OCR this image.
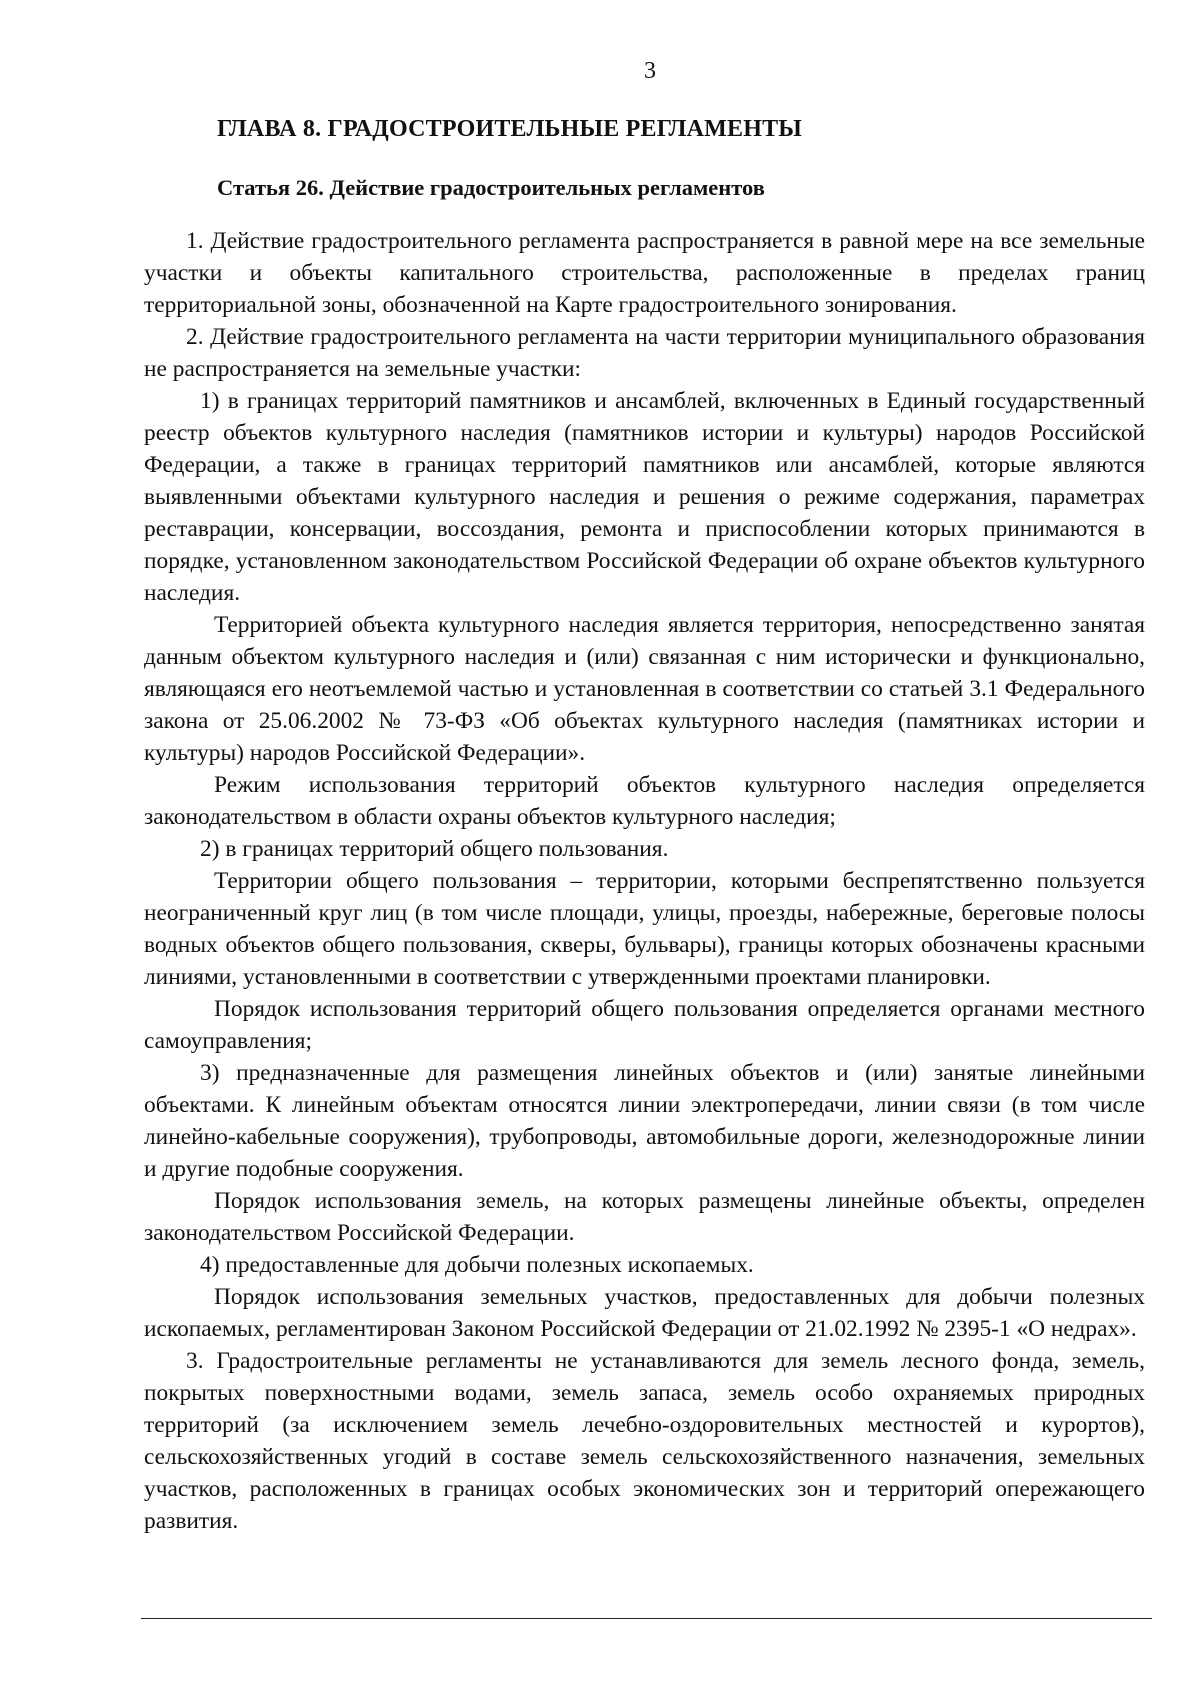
3
ГЛАВА 8. ГРАДОСТРОИТЕЛЬНЫЕ РЕГЛАМЕНТЫ
Статья 26. Действие градостроительных регламентов

1. Действие градостроительного регламента распространяется в равной мере на все земельные участки и объекты капитального строительства, расположенные в пределах границ территориальной зоны, обозначенной на Карте градостроительного зонирования.

2. Действие градостроительного регламента на части территории муниципального образования не распространяется на земельные участки:

1) в границах территорий памятников и ансамблей, включенных в Единый государственный реестр объектов культурного наследия (памятников истории и культуры) народов Российской Федерации, а также в границах территорий памятников или ансамблей, которые являются выявленными объектами культурного наследия и решения о режиме содержания, параметрах реставрации, консервации, воссоздания, ремонта и приспособлении которых принимаются в порядке, установленном законодательством Российской Федерации об охране объектов культурного наследия.

Территорией объекта культурного наследия является территория, непосредственно занятая данным объектом культурного наследия и (или) связанная с ним исторически и функционально, являющаяся его неотъемлемой частью и установленная в соответствии со статьей 3.1 Федерального закона от 25.06.2002 № 73-ФЗ «Об объектах культурного наследия (памятниках истории и культуры) народов Российской Федерации».

Режим использования территорий объектов культурного наследия определяется законодательством в области охраны объектов культурного наследия;

2) в границах территорий общего пользования.

Территории общего пользования – территории, которыми беспрепятственно пользуется неограниченный круг лиц (в том числе площади, улицы, проезды, набережные, береговые полосы водных объектов общего пользования, скверы, бульвары), границы которых обозначены красными линиями, установленными в соответствии с утвержденными проектами планировки.

Порядок использования территорий общего пользования определяется органами местного самоуправления;

3) предназначенные для размещения линейных объектов и (или) занятые линейными объектами. К линейным объектам относятся линии электропередачи, линии связи (в том числе линейно-кабельные сооружения), трубопроводы, автомобильные дороги, железнодорожные линии и другие подобные сооружения.

Порядок использования земель, на которых размещены линейные объекты, определен законодательством Российской Федерации.

4) предоставленные для добычи полезных ископаемых.

Порядок использования земельных участков, предоставленных для добычи полезных ископаемых, регламентирован Законом Российской Федерации от 21.02.1992 № 2395-1 «О недрах».

3. Градостроительные регламенты не устанавливаются для земель лесного фонда, земель, покрытых поверхностными водами, земель запаса, земель особо охраняемых природных территорий (за исключением земель лечебно-оздоровительных местностей и курортов), сельскохозяйственных угодий в составе земель сельскохозяйственного назначения, земельных участков, расположенных в границах особых экономических зон и территорий опережающего развития.
